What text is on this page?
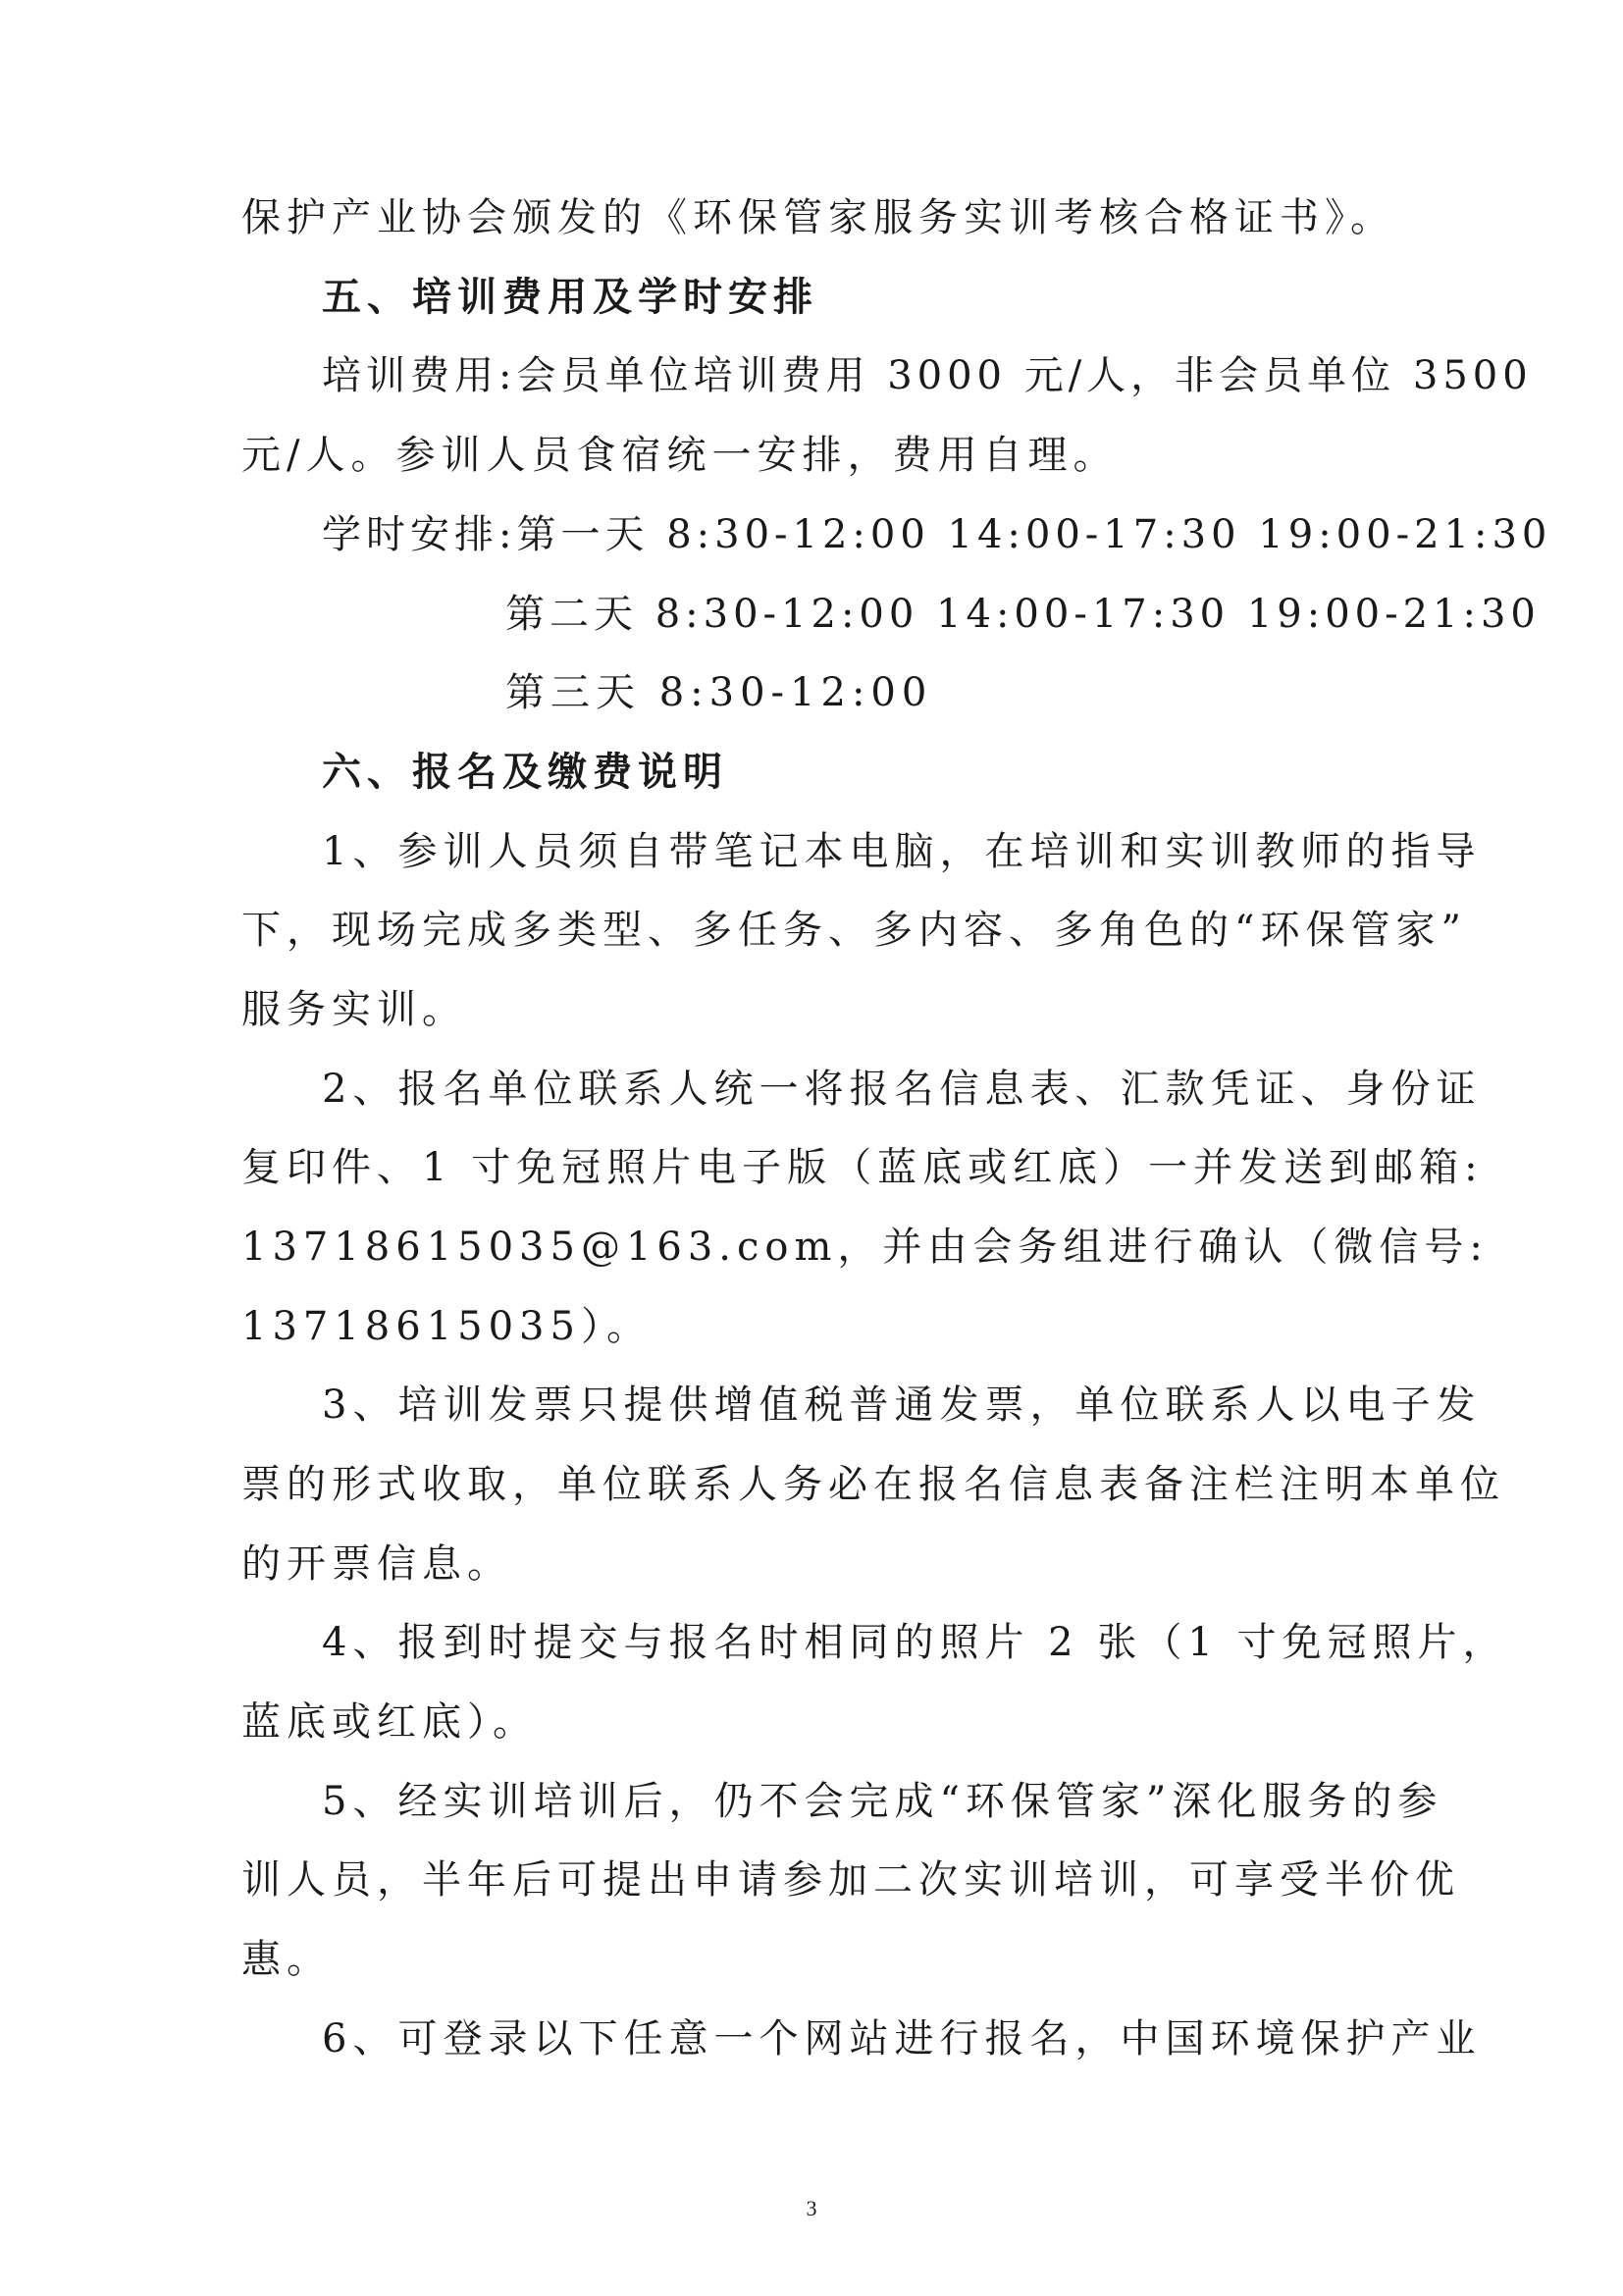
保护产业协会颁发的《环保管家服务实训考核合格证书》。
五、培训费用及学时安排
培训费用:会员单位培训费用 3000 元/人，非会员单位 3500
元/人。参训人员食宿统一安排，费用自理。
学时安排:第一天 8:30-12:00 14:00-17:30 19:00-21:30
第二天 8:30-12:00 14:00-17:30 19:00-21:30
第三天 8:30-12:00
六、报名及缴费说明
1、参训人员须自带笔记本电脑，在培训和实训教师的指导
下，现场完成多类型、多任务、多内容、多角色的“环保管家”
服务实训。
2、报名单位联系人统一将报名信息表、汇款凭证、身份证
复印件、1 寸免冠照片电子版（蓝底或红底）一并发送到邮箱:
13718615035@163.com，并由会务组进行确认（微信号:
13718615035）。
3、培训发票只提供增值税普通发票，单位联系人以电子发
票的形式收取，单位联系人务必在报名信息表备注栏注明本单位
的开票信息。
4、报到时提交与报名时相同的照片 2 张（1 寸免冠照片，
蓝底或红底）。
5、经实训培训后，仍不会完成“环保管家”深化服务的参
训人员，半年后可提出申请参加二次实训培训，可享受半价优
惠。
6、可登录以下任意一个网站进行报名，中国环境保护产业
3
